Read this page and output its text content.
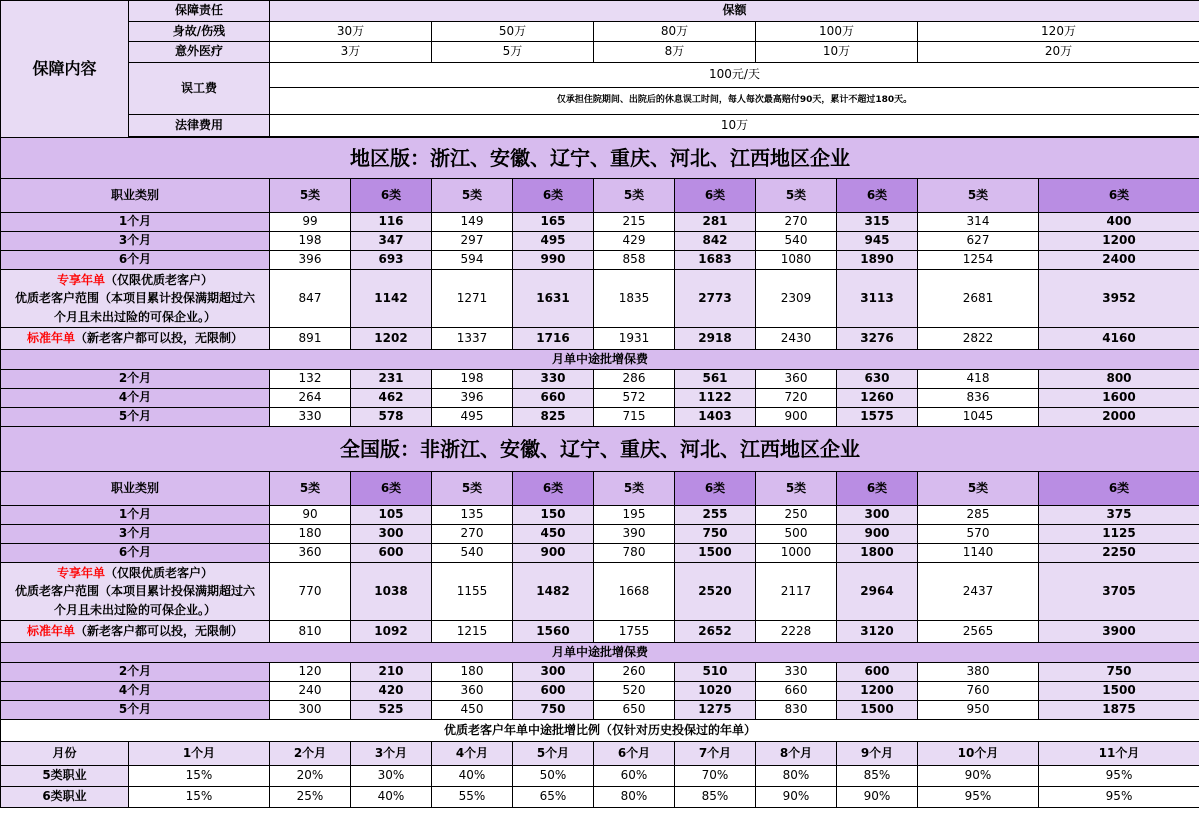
保障内容	保障责任	保额									
	身故/伤残	30万		50万		80万		100万		120万	
	意外医疗	3万		5万		8万		10万		20万	
	误工费	100元/天									
		仅承担住院期间、出院后的休息误工时间，每人每次最高赔付90天，累计不超过180天。									
	法律费用	10万									

地区版：浙江、安徽、辽宁、重庆、河北、江西地区企业											
职业类别		5类	6类	5类	6类	5类	6类	5类	6类	5类	6类
1个月		99	116	149	165	215	281	270	315	314	400
3个月		198	347	297	495	429	842	540	945	627	1200
6个月		396	693	594	990	858	1683	1080	1890	1254	2400

专享年单（仅限优质老客户）
优质老客户范围（本项目累计投保满期超过六
个月且未出过险的可保企业。）		847	1142	1271	1631	1835	2773	2309	3113	2681	3952
标准年单（新老客户都可以投，无限制）		891	1202	1337	1716	1931	2918	2430	3276	2822	4160
月单中途批增保费											
2个月		132	231	198	330	286	561	360	630	418	800
4个月		264	462	396	660	572	1122	720	1260	836	1600
5个月		330	578	495	825	715	1403	900	1575	1045	2000
全国版：非浙江、安徽、辽宁、重庆、河北、江西地区企业											
职业类别		5类	6类	5类	6类	5类	6类	5类	6类	5类	6类
1个月		90	105	135	150	195	255	250	300	285	375
3个月		180	300	270	450	390	750	500	900	570	1125
6个月		360	600	540	900	780	1500	1000	1800	1140	2250

专享年单（仅限优质老客户）
优质老客户范围（本项目累计投保满期超过六
个月且未出过险的可保企业。）		770	1038	1155	1482	1668	2520	2117	2964	2437	3705
标准年单（新老客户都可以投，无限制）		810	1092	1215	1560	1755	2652	2228	3120	2565	3900
月单中途批增保费											
2个月		120	210	180	300	260	510	330	600	380	750
4个月		240	420	360	600	520	1020	660	1200	760	1500
5个月		300	525	450	750	650	1275	830	1500	950	1875
优质老客户年单中途批增比例（仅针对历史投保过的年单）											
月份	1个月	2个月	3个月	4个月	5个月	6个月	7个月	8个月	9个月	10个月	11个月
5类职业	15%	20%	30%	40%	50%	60%	70%	80%	85%	90%	95%
6类职业	15%	25%	40%	55%	65%	80%	85%	90%	90%	95%	95%
